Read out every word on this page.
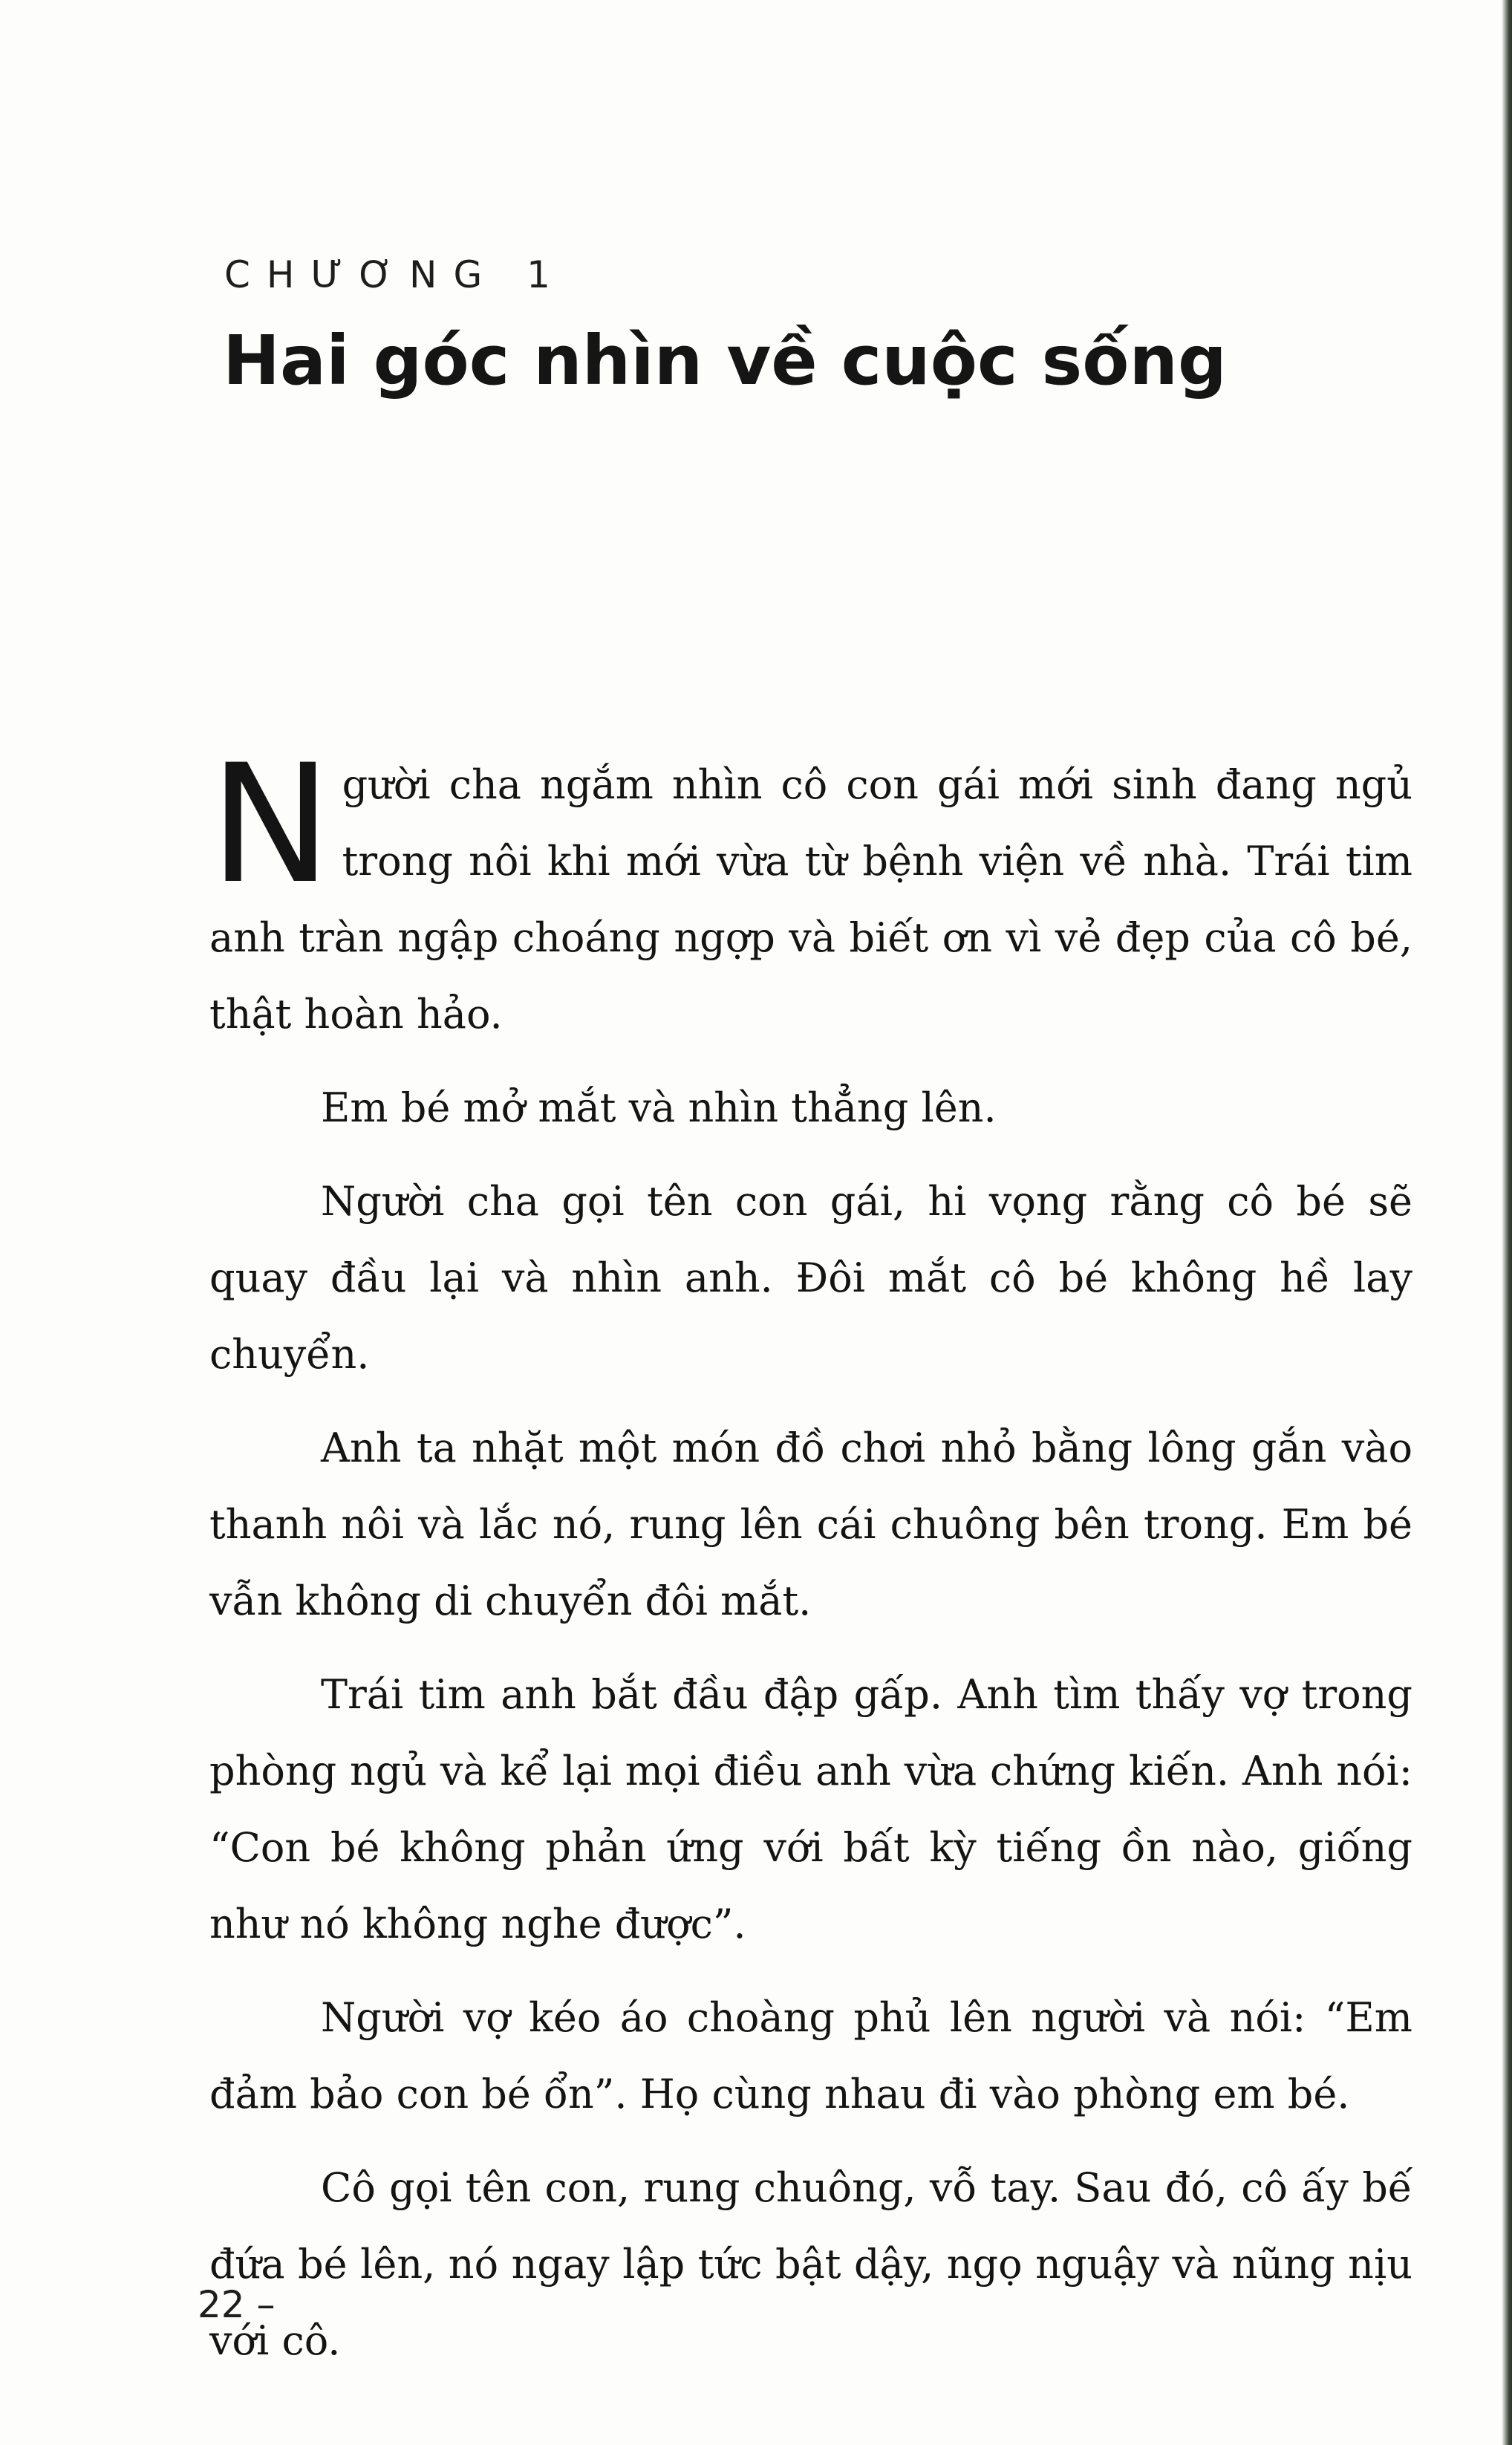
CHƯƠNG 1
Hai góc nhìn về cuộc sống

Người cha ngắm nhìn cô con gái mới sinh đang ngủ trong nôi khi mới vừa từ bệnh viện về nhà. Trái tim anh tràn ngập choáng ngợp và biết ơn vì vẻ đẹp của cô bé, thật hoàn hảo.

Em bé mở mắt và nhìn thẳng lên.

Người cha gọi tên con gái, hi vọng rằng cô bé sẽ quay đầu lại và nhìn anh. Đôi mắt cô bé không hề lay chuyển.

Anh ta nhặt một món đồ chơi nhỏ bằng lông gắn vào thanh nôi và lắc nó, rung lên cái chuông bên trong. Em bé vẫn không di chuyển đôi mắt.

Trái tim anh bắt đầu đập gấp. Anh tìm thấy vợ trong phòng ngủ và kể lại mọi điều anh vừa chứng kiến. Anh nói: “Con bé không phản ứng với bất kỳ tiếng ồn nào, giống như nó không nghe được”.

Người vợ kéo áo choàng phủ lên người và nói: “Em đảm bảo con bé ổn”. Họ cùng nhau đi vào phòng em bé.

Cô gọi tên con, rung chuông, vỗ tay. Sau đó, cô ấy bế đứa bé lên, nó ngay lập tức bật dậy, ngọ nguậy và nũng nịu với cô.

22 –
